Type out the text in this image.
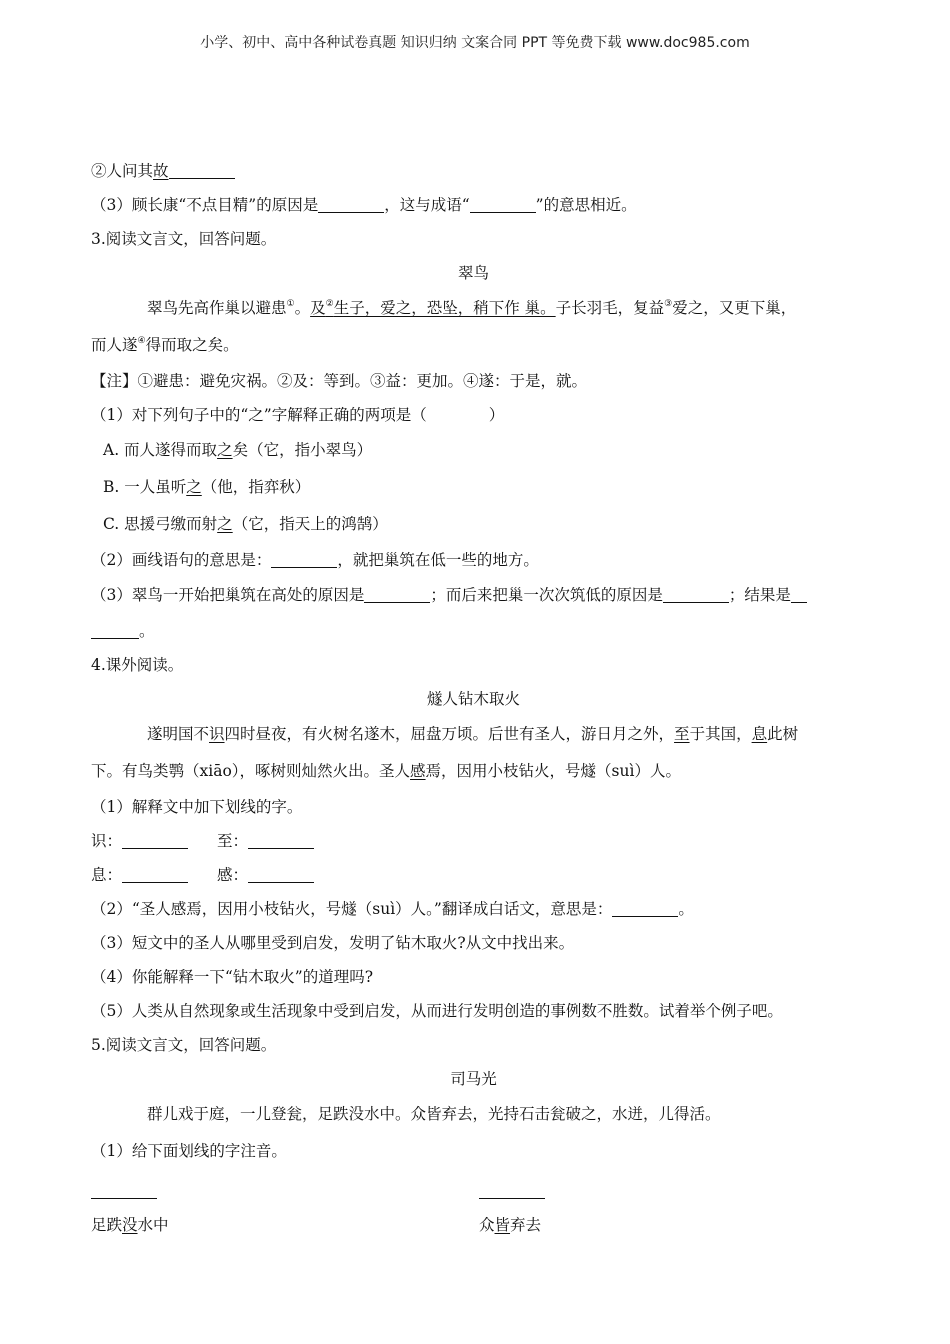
小学、初中、高中各种试卷真题 知识归纳 文案合同 PPT 等免费下载 www.doc985.com
②人问其故
（3）顾长康“不点目精”的原因是	，这与成语“	”的意思相近。
3.阅读文言文，回答问题。
翠鸟
翠鸟先高作巢以避患①。及②生子，爱之，恐坠，稍下作 巢。子长羽毛，复益③爱之，又更下巢，
而人遂④得而取之矣。
【注】①避患：避免灾祸。②及：等到。③益：更加。④遂：于是，就。
（1）对下列句子中的“之”字解释正确的两项是（	）
A. 而人遂得而取之矣（它，指小翠鸟）
B. 一人虽听之（他，指弈秋）
C. 思援弓缴而射之（它，指天上的鸿鹄）
（2）画线语句的意思是：	，就把巢筑在低一些的地方。
（3）翠鸟一开始把巢筑在高处的原因是	；而后来把巢一次次筑低的原因是	；结果是
。
4.课外阅读。
燧人钻木取火
遂明国不识四时昼夜，有火树名遂木，屈盘万顷。后世有圣人，游日月之外，至于其国，息此树
下。有鸟类鹗（xiāo），啄树则灿然火出。圣人感焉，因用小枝钻火，号燧（suì）人。
（1）解释文中加下划线的字。
识：	至：
息：	感：
（2）“圣人感焉，因用小枝钻火，号燧（suì）人。”翻译成白话文，意思是：	。
（3）短文中的圣人从哪里受到启发，发明了钻木取火?从文中找出来。
（4）你能解释一下“钻木取火”的道理吗?
（5）人类从自然现象或生活现象中受到启发，从而进行发明创造的事例数不胜数。试着举个例子吧。
5.阅读文言文，回答问题。
司马光
群儿戏于庭，一儿登瓮，足跌没水中。众皆弃去，光持石击瓮破之，水迸，儿得活。
（1）给下面划线的字注音。
足跌没水中	众皆弃去
